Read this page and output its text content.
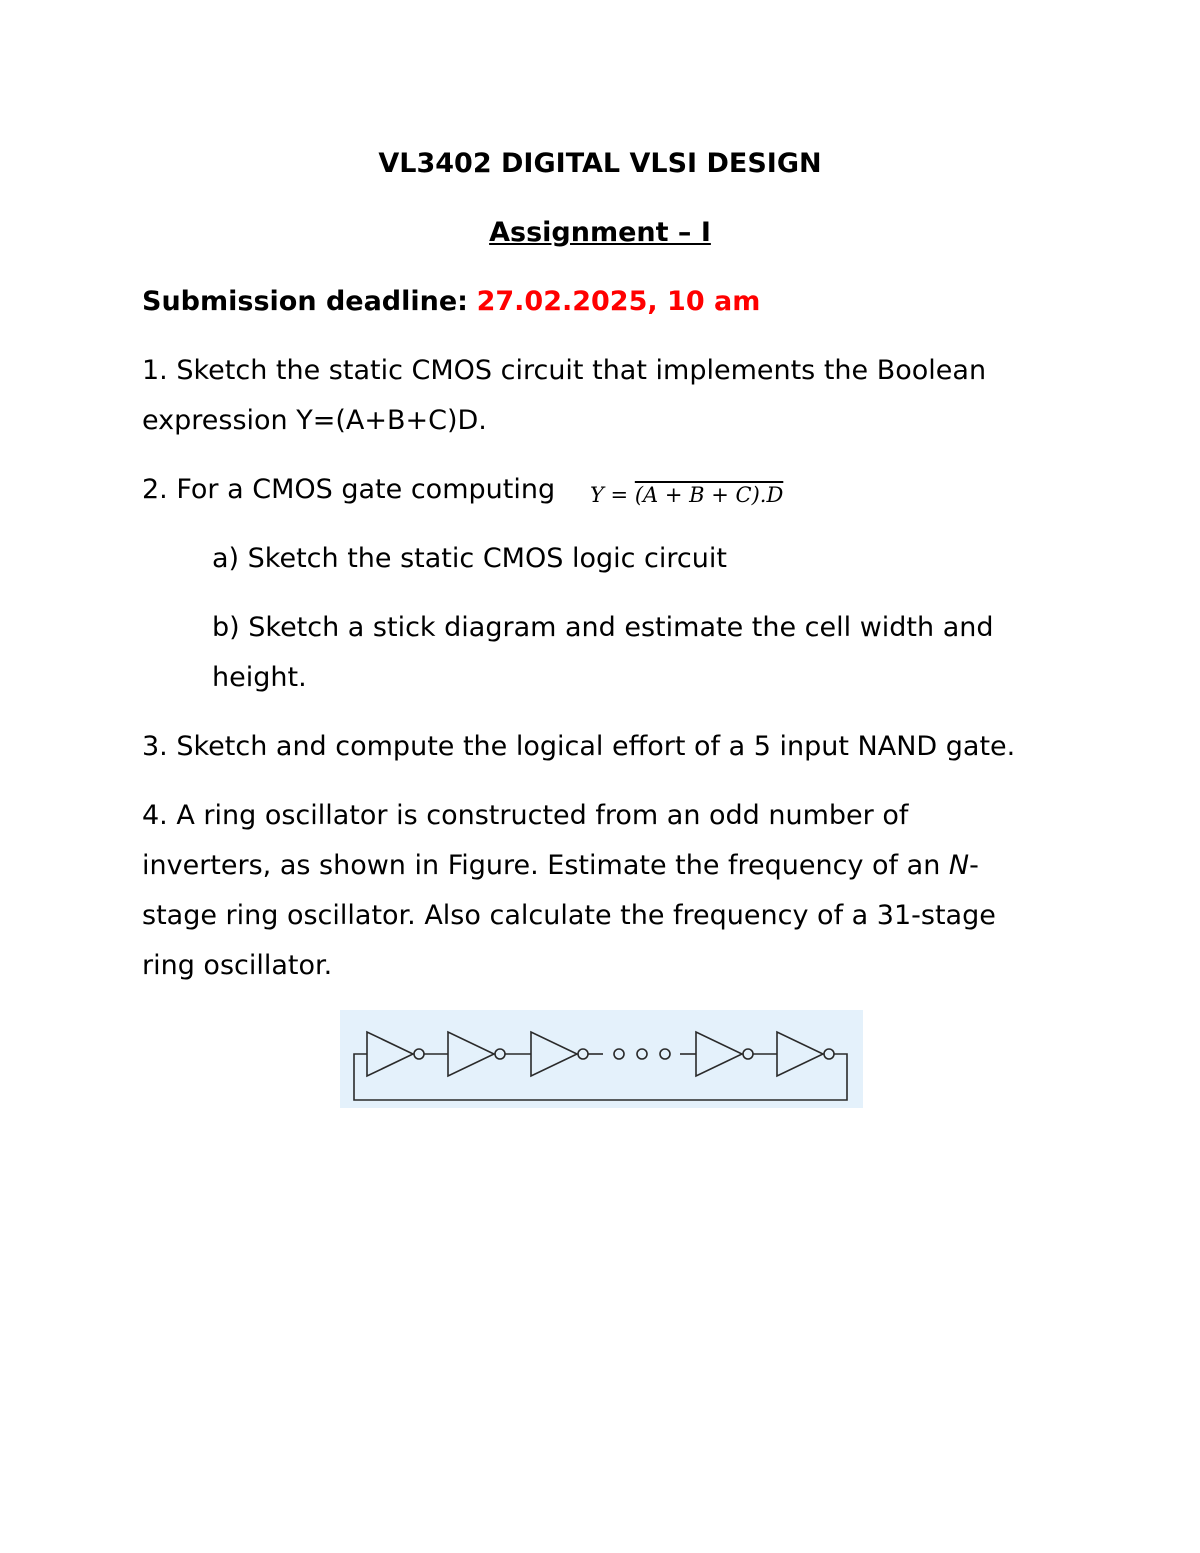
VL3402 DIGITAL VLSI DESIGN
Assignment – I
Submission deadline: 27.02.2025, 10 am
1. Sketch the static CMOS circuit that implements the Boolean
expression Y=(A+B+C)D.
2. For a CMOS gate computing Y = (A + B + C).D
a) Sketch the static CMOS logic circuit
b) Sketch a stick diagram and estimate the cell width and
height.
3. Sketch and compute the logical effort of a 5 input NAND gate.
4. A ring oscillator is constructed from an odd number of
inverters, as shown in Figure. Estimate the frequency of an N-
stage ring oscillator. Also calculate the frequency of a 31-stage
ring oscillator.
